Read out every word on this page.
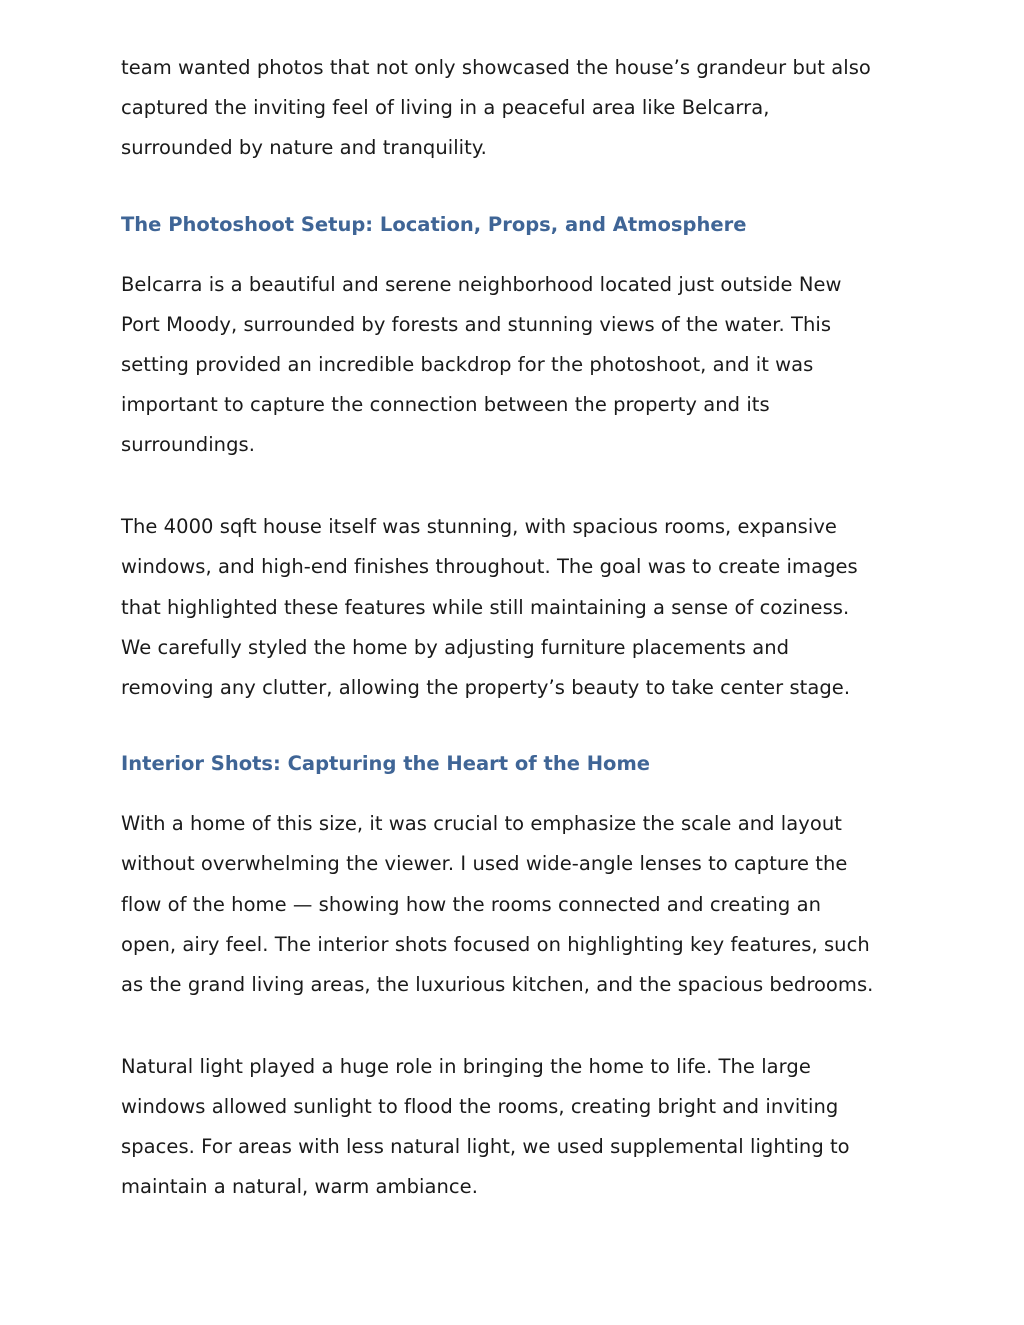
team wanted photos that not only showcased the house’s grandeur but also
captured the inviting feel of living in a peaceful area like Belcarra,
surrounded by nature and tranquility.

The Photoshoot Setup: Location, Props, and Atmosphere

Belcarra is a beautiful and serene neighborhood located just outside New
Port Moody, surrounded by forests and stunning views of the water. This
setting provided an incredible backdrop for the photoshoot, and it was
important to capture the connection between the property and its
surroundings.

The 4000 sqft house itself was stunning, with spacious rooms, expansive
windows, and high-end finishes throughout. The goal was to create images
that highlighted these features while still maintaining a sense of coziness.
We carefully styled the home by adjusting furniture placements and
removing any clutter, allowing the property’s beauty to take center stage.

Interior Shots: Capturing the Heart of the Home

With a home of this size, it was crucial to emphasize the scale and layout
without overwhelming the viewer. I used wide-angle lenses to capture the
flow of the home — showing how the rooms connected and creating an
open, airy feel. The interior shots focused on highlighting key features, such
as the grand living areas, the luxurious kitchen, and the spacious bedrooms.

Natural light played a huge role in bringing the home to life. The large
windows allowed sunlight to flood the rooms, creating bright and inviting
spaces. For areas with less natural light, we used supplemental lighting to
maintain a natural, warm ambiance.
